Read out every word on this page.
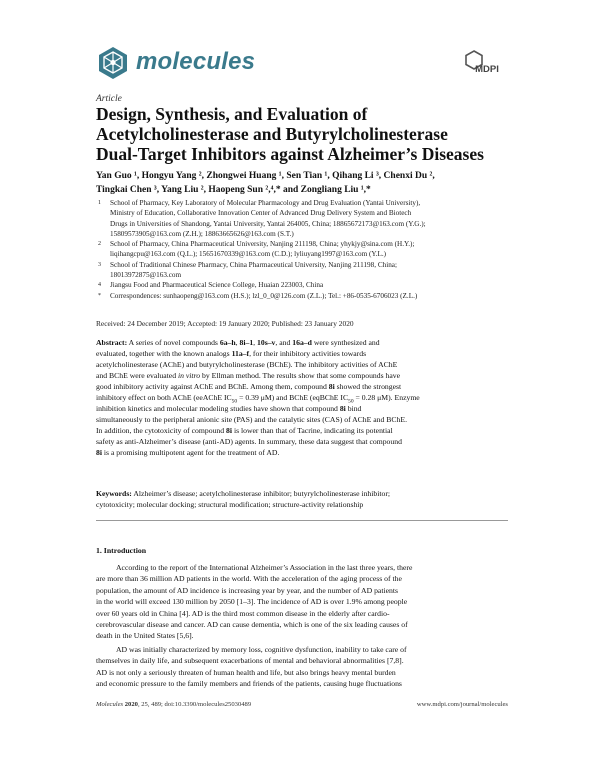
molecules	MDPI
Article
Design, Synthesis, and Evaluation of
Acetylcholinesterase and Butyrylcholinesterase
Dual-Target Inhibitors against Alzheimer’s Diseases
Yan Guo ¹, Hongyu Yang ², Zhongwei Huang ¹, Sen Tian ¹, Qihang Li ³, Chenxi Du ²,
Tingkai Chen ³, Yang Liu ², Haopeng Sun ²,⁴,* and Zongliang Liu ¹,*
1 School of Pharmacy, Key Laboratory of Molecular Pharmacology and Drug Evaluation (Yantai University),
Ministry of Education, Collaborative Innovation Center of Advanced Drug Delivery System and Biotech
Drugs in Universities of Shandong, Yantai University, Yantai 264005, China; 18865672173@163.com (Y.G.);
15809573905@163.com (Z.H.); 18863665626@163.com (S.T.)
2 School of Pharmacy, China Pharmaceutical University, Nanjing 211198, China; yhykjy@sina.com (H.Y.);
liqihangcpu@163.com (Q.L.); 15651670339@163.com (C.D.); lyliuyang1997@163.com (Y.L.)
3 School of Traditional Chinese Pharmacy, China Pharmaceutical University, Nanjing 211198, China;
18013972875@163.com
4 Jiangsu Food and Pharmaceutical Science College, Huaian 223003, China
* Correspondences: sunhaopeng@163.com (H.S.); lzl_0_0@126.com (Z.L.); Tel.: +86-0535-6706023 (Z.L.)
Received: 24 December 2019; Accepted: 19 January 2020; Published: 23 January 2020
Abstract: A series of novel compounds 6a–h, 8i–1, 10s–v, and 16a–d were synthesized and
evaluated, together with the known analogs 11a–f, for their inhibitory activities towards
acetylcholinesterase (AChE) and butyrylcholinesterase (BChE). The inhibitory activities of AChE
and BChE were evaluated in vitro by Ellman method. The results show that some compounds have
good inhibitory activity against AChE and BChE. Among them, compound 8i showed the strongest
inhibitory effect on both AChE (eeAChE $IC_{50} = 0.39$ μM) and BChE (eqBChE $IC_{50} = 0.28$ μM). Enzyme
inhibition kinetics and molecular modeling studies have shown that compound 8i bind
simultaneously to the peripheral anionic site (PAS) and the catalytic sites (CAS) of AChE and BChE.
In addition, the cytotoxicity of compound 8i is lower than that of Tacrine, indicating its potential
safety as anti-Alzheimer’s disease (anti-AD) agents. In summary, these data suggest that compound
8i is a promising multipotent agent for the treatment of AD.
Keywords: Alzheimer’s disease; acetylcholinesterase inhibitor; butyrylcholinesterase inhibitor;
cytotoxicity; molecular docking; structural modification; structure-activity relationship
1. Introduction
According to the report of the International Alzheimer’s Association in the last three years, there
are more than 36 million AD patients in the world. With the acceleration of the aging process of the
population, the amount of AD incidence is increasing year by year, and the number of AD patients
in the world will exceed 130 million by 2050 [1–3]. The incidence of AD is over 1.9% among people
over 60 years old in China [4]. AD is the third most common disease in the elderly after cardio-
cerebrovascular disease and cancer. AD can cause dementia, which is one of the six leading causes of
death in the United States [5,6].
AD was initially characterized by memory loss, cognitive dysfunction, inability to take care of
themselves in daily life, and subsequent exacerbations of mental and behavioral abnormalities [7,8].
AD is not only a seriously threaten of human health and life, but also brings heavy mental burden
and economic pressure to the family members and friends of the patients, causing huge fluctuations
Molecules 2020, 25, 489; doi:10.3390/molecules25030489	www.mdpi.com/journal/molecules
